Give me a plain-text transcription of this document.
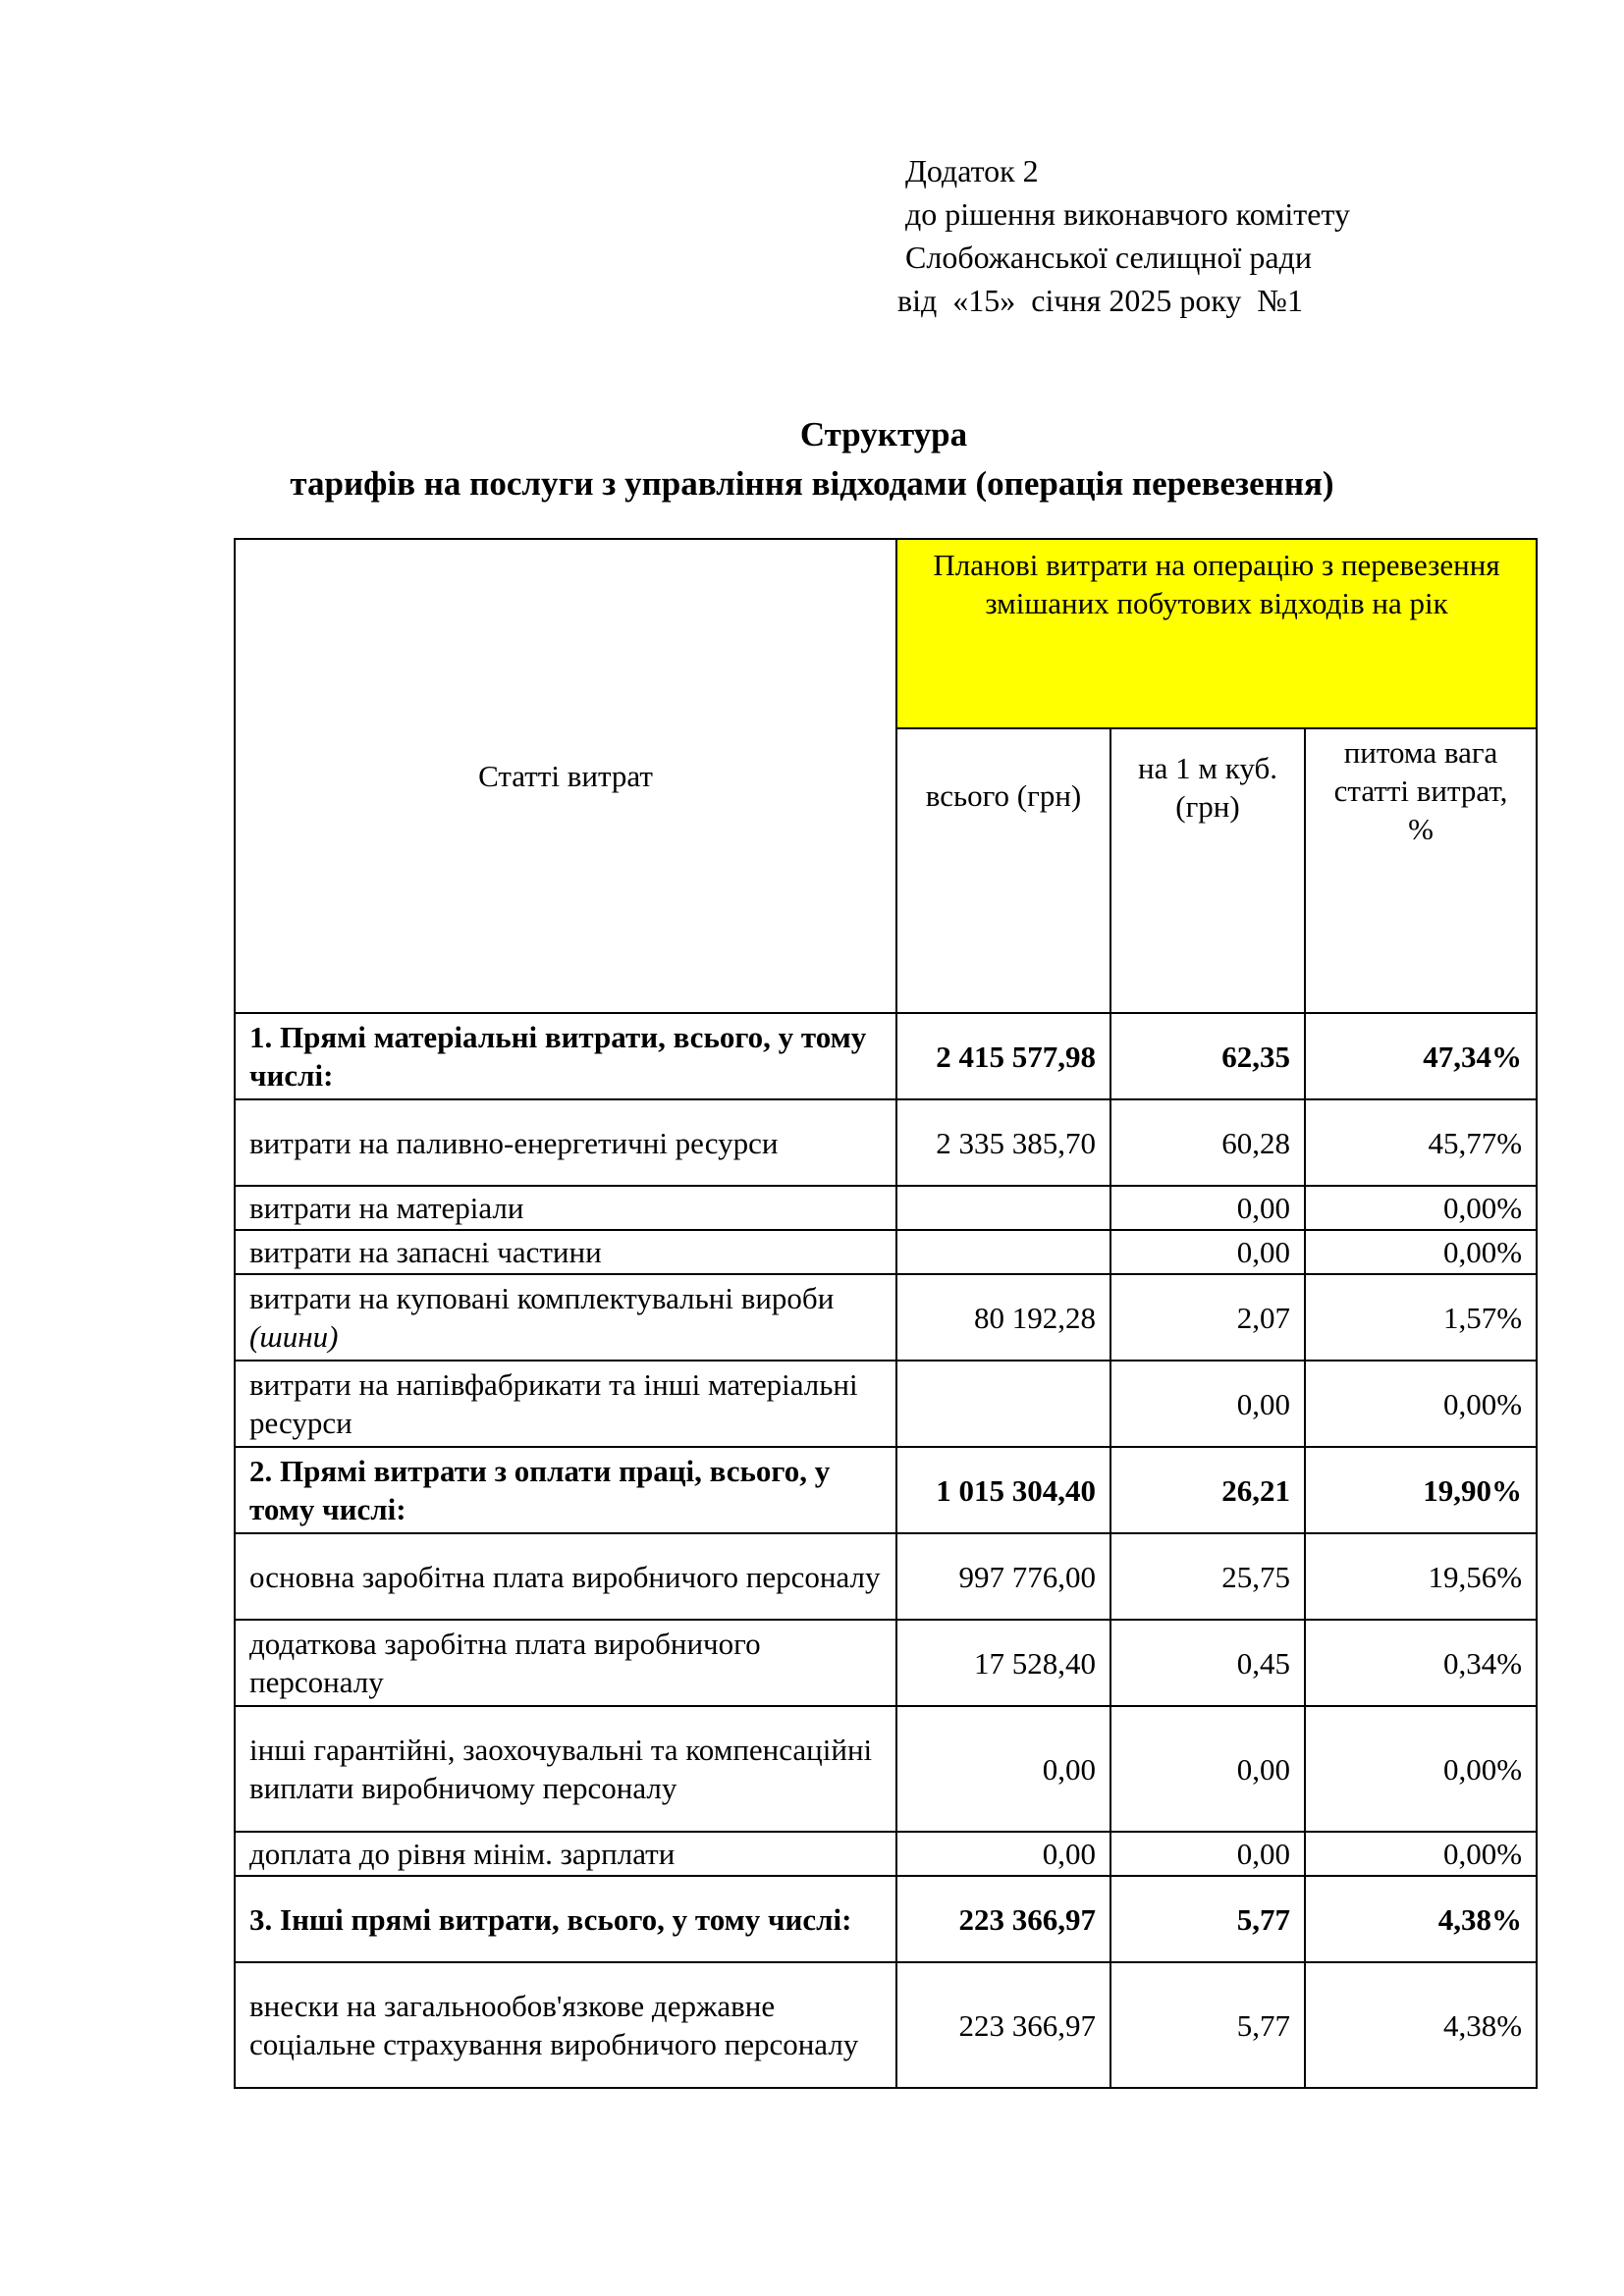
Додаток 2
до рішення виконавчого комітету
Слобожанської селищної ради
від  «15»  січня 2025 року  №1
Структура
тарифів на послуги з управління відходами (операція перевезення)
Статті витрат	Планові витрати на операцію з перевезення змішаних побутових відходів на рік		
	всього (грн)	на 1 м куб. (грн)	питома вага статті витрат, %
1. Прямі матеріальні витрати, всього, у тому числі:	2 415 577,98	62,35	47,34%
витрати на паливно-енергетичні ресурси	2 335 385,70	60,28	45,77%
витрати на матеріали		0,00	0,00%
витрати на запасні частини		0,00	0,00%
витрати на куповані комплектувальні вироби (шини)	80 192,28	2,07	1,57%
витрати на напівфабрикати та інші матеріальні ресурси		0,00	0,00%
2. Прямі витрати з оплати праці, всього, у тому числі:	1 015 304,40	26,21	19,90%
основна заробітна плата виробничого персоналу	997 776,00	25,75	19,56%
додаткова заробітна плата виробничого персоналу	17 528,40	0,45	0,34%
інші гарантійні, заохочувальні та компенсаційні виплати виробничому персоналу	0,00	0,00	0,00%
доплата до рівня мінім. зарплати	0,00	0,00	0,00%
3. Інші прямі витрати, всього, у тому числі:	223 366,97	5,77	4,38%
внески на загальнообов'язкове державне соціальне страхування виробничого персоналу	223 366,97	5,77	4,38%
